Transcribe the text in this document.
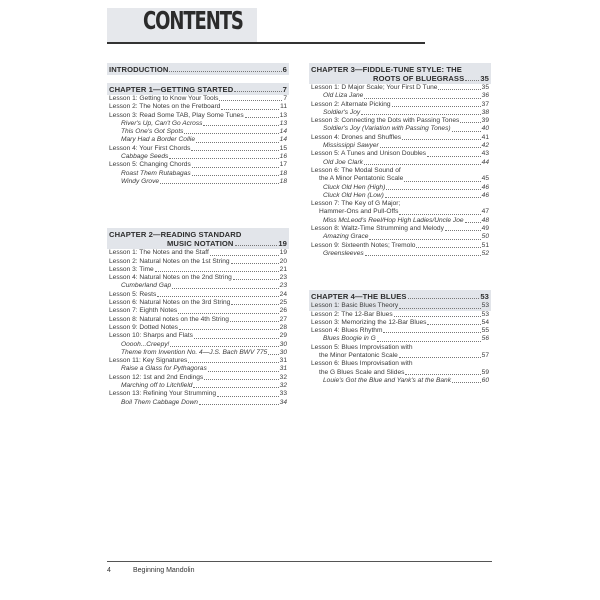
CONTENTS
INTRODUCTION	6
CHAPTER 1—GETTING STARTED	7
Lesson 1: Getting to Know Your Tools	7
Lesson 2: The Notes on the Fretboard	11
Lesson 3: Read Some TAB, Play Some Tunes	13
River's Up, Can't Go Across	13
This One's Got Spots	14
Mary Had a Border Collie	14
Lesson 4: Your First Chords	15
Cabbage Seeds	16
Lesson 5: Changing Chords	17
Roast Them Rutabagas	18
Windy Grove	18
CHAPTER 2—READING STANDARD
MUSIC NOTATION	19
Lesson 1: The Notes and the Staff	19
Lesson 2: Natural Notes on the 1st String	20
Lesson 3: Time	21
Lesson 4: Natural Notes on the 2nd String	23
Cumberland Gap	23
Lesson 5: Rests	24
Lesson 6: Natural Notes on the 3rd String	25
Lesson 7: Eighth Notes	26
Lesson 8: Natural notes on the 4th String	27
Lesson 9: Dotted Notes	28
Lesson 10: Sharps and Flats	29
Ooooh...Creepy!	30
Theme from Invention No. 4—J.S. Bach BWV 775 30
Lesson 11: Key Signatures	31
Raise a Glass for Pythagoras	31
Lesson 12: 1st and 2nd Endings	32
Marching off to Litchfield	32
Lesson 13: Refining Your Strumming	33
Boil Them Cabbage Down	34
CHAPTER 3—FIDDLE-TUNE STYLE: THE
ROOTS OF BLUEGRASS 35
Lesson 1: D Major Scale; Your First D Tune	35
Old Liza Jane	36
Lesson 2: Alternate Picking	37
Soldier's Joy	38
Lesson 3: Connecting the Dots with Passing Tones	39
Soldier's Joy (Variation with Passing Tones)	40
Lesson 4: Drones and Shuffles	41
Mississippi Sawyer	42
Lesson 5: A Tunes and Unison Doubles	43
Old Joe Clark	44
Lesson 6: The Modal Sound of
the A Minor Pentatonic Scale	45
Cluck Old Hen (High)	46
Cluck Old Hen (Low)	46
Lesson 7: The Key of G Major;
Hammer-Ons and Pull-Offs	47
Miss McLeod's Reel/Hop High Ladies/Uncle Joe	48
Lesson 8: Waltz-Time Strumming and Melody	49
Amazing Grace	50
Lesson 9: Sixteenth Notes; Tremolo	51
Greensleeves	52
CHAPTER 4—THE BLUES	53
Lesson 1: Basic Blues Theory	53
Lesson 2: The 12-Bar Blues	53
Lesson 3: Memorizing the 12-Bar Blues	54
Lesson 4: Blues Rhythm	55
Blues Boogie in G	56
Lesson 5: Blues Improvisation with
the Minor Pentatonic Scale	57
Lesson 6: Blues Improvisation with
the G Blues Scale and Slides	59
Louie's Got the Blue and Yank's at the Bank	60
4	Beginning Mandolin
